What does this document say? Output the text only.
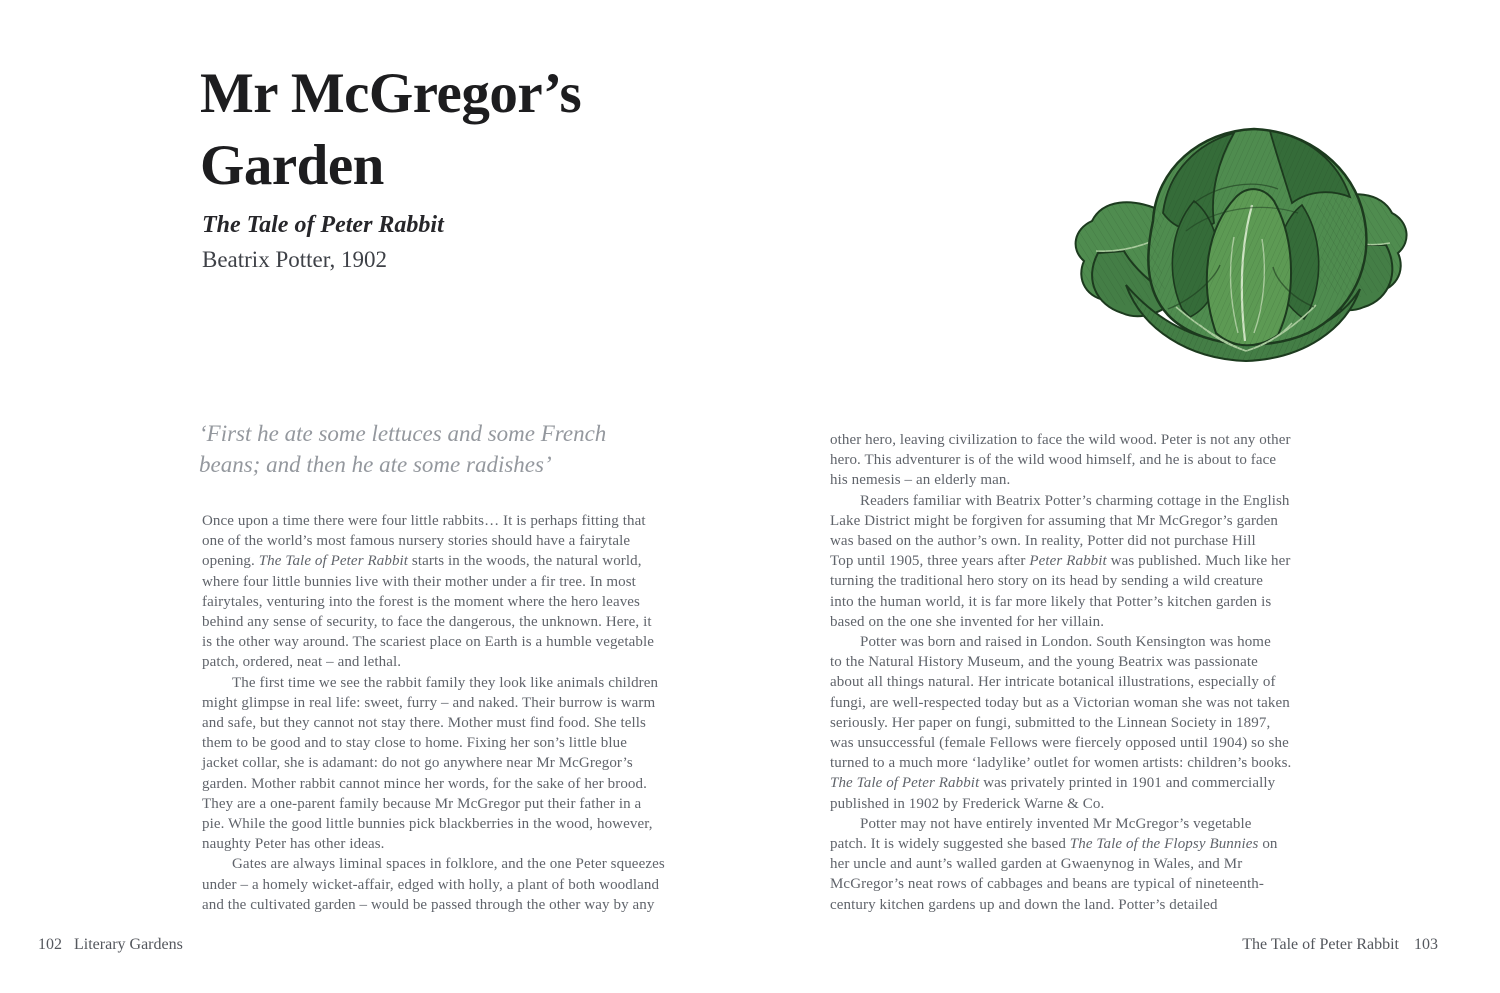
Mr McGregor’s
Garden
The Tale of Peter Rabbit
Beatrix Potter, 1902
‘First he ate some lettuces and some French
beans; and then he ate some radishes’
Once upon a time there were four little rabbits… It is perhaps fitting that
one of the world’s most famous nursery stories should have a fairytale
opening. The Tale of Peter Rabbit starts in the woods, the natural world,
where four little bunnies live with their mother under a fir tree. In most
fairytales, venturing into the forest is the moment where the hero leaves
behind any sense of security, to face the dangerous, the unknown. Here, it
is the other way around. The scariest place on Earth is a humble vegetable
patch, ordered, neat – and lethal.
The first time we see the rabbit family they look like animals children
might glimpse in real life: sweet, furry – and naked. Their burrow is warm
and safe, but they cannot not stay there. Mother must find food. She tells
them to be good and to stay close to home. Fixing her son’s little blue
jacket collar, she is adamant: do not go anywhere near Mr McGregor’s
garden. Mother rabbit cannot mince her words, for the sake of her brood.
They are a one-parent family because Mr McGregor put their father in a
pie. While the good little bunnies pick blackberries in the wood, however,
naughty Peter has other ideas.
Gates are always liminal spaces in folklore, and the one Peter squeezes
under – a homely wicket-affair, edged with holly, a plant of both woodland
and the cultivated garden – would be passed through the other way by any
102 Literary Gardens
other hero, leaving civilization to face the wild wood. Peter is not any other
hero. This adventurer is of the wild wood himself, and he is about to face
his nemesis – an elderly man.
Readers familiar with Beatrix Potter’s charming cottage in the English
Lake District might be forgiven for assuming that Mr McGregor’s garden
was based on the author’s own. In reality, Potter did not purchase Hill
Top until 1905, three years after Peter Rabbit was published. Much like her
turning the traditional hero story on its head by sending a wild creature
into the human world, it is far more likely that Potter’s kitchen garden is
based on the one she invented for her villain.
Potter was born and raised in London. South Kensington was home
to the Natural History Museum, and the young Beatrix was passionate
about all things natural. Her intricate botanical illustrations, especially of
fungi, are well-respected today but as a Victorian woman she was not taken
seriously. Her paper on fungi, submitted to the Linnean Society in 1897,
was unsuccessful (female Fellows were fiercely opposed until 1904) so she
turned to a much more ‘ladylike’ outlet for women artists: children’s books.
The Tale of Peter Rabbit was privately printed in 1901 and commercially
published in 1902 by Frederick Warne & Co.
Potter may not have entirely invented Mr McGregor’s vegetable
patch. It is widely suggested she based The Tale of the Flopsy Bunnies on
her uncle and aunt’s walled garden at Gwaenynog in Wales, and Mr
McGregor’s neat rows of cabbages and beans are typical of nineteenth-
century kitchen gardens up and down the land. Potter’s detailed
The Tale of Peter Rabbit 103
